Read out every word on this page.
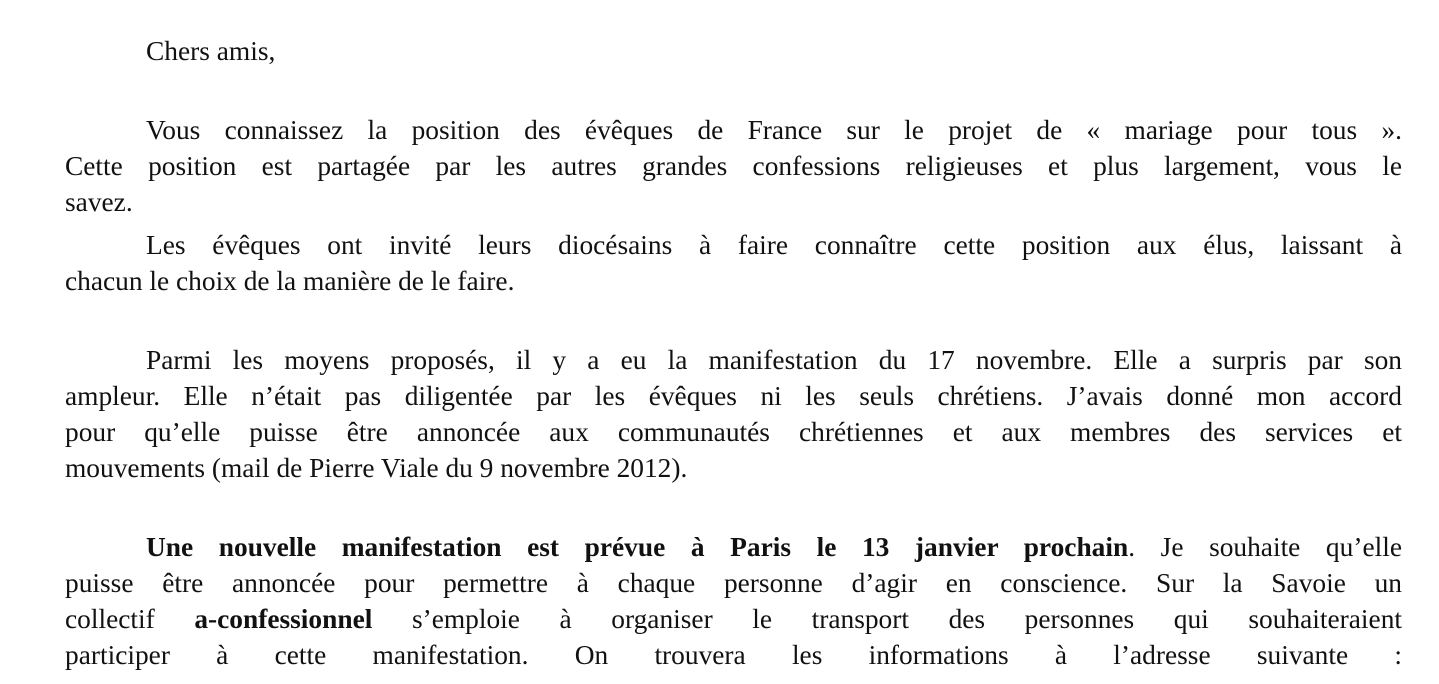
Chers amis,
Vous connaissez la position des évêques de France sur le projet de « mariage pour tous ».
Cette position est partagée par les autres grandes confessions religieuses et plus largement, vous le
savez.
Les évêques ont invité leurs diocésains à faire connaître cette position aux élus, laissant à
chacun le choix de la manière de le faire.
Parmi les moyens proposés, il y a eu la manifestation du 17 novembre. Elle a surpris par son
ampleur. Elle n’était pas diligentée par les évêques ni les seuls chrétiens. J’avais donné mon accord
pour qu’elle puisse être annoncée aux communautés chrétiennes et aux membres des services et
mouvements (mail de Pierre Viale du 9 novembre 2012).
Une nouvelle manifestation est prévue à Paris le 13 janvier prochain. Je souhaite qu’elle
puisse être annoncée pour permettre à chaque personne d’agir en conscience. Sur la Savoie un
collectif a-confessionnel s’emploie à organiser le transport des personnes qui souhaiteraient
participer à cette manifestation. On trouvera les informations à l’adresse suivante :
